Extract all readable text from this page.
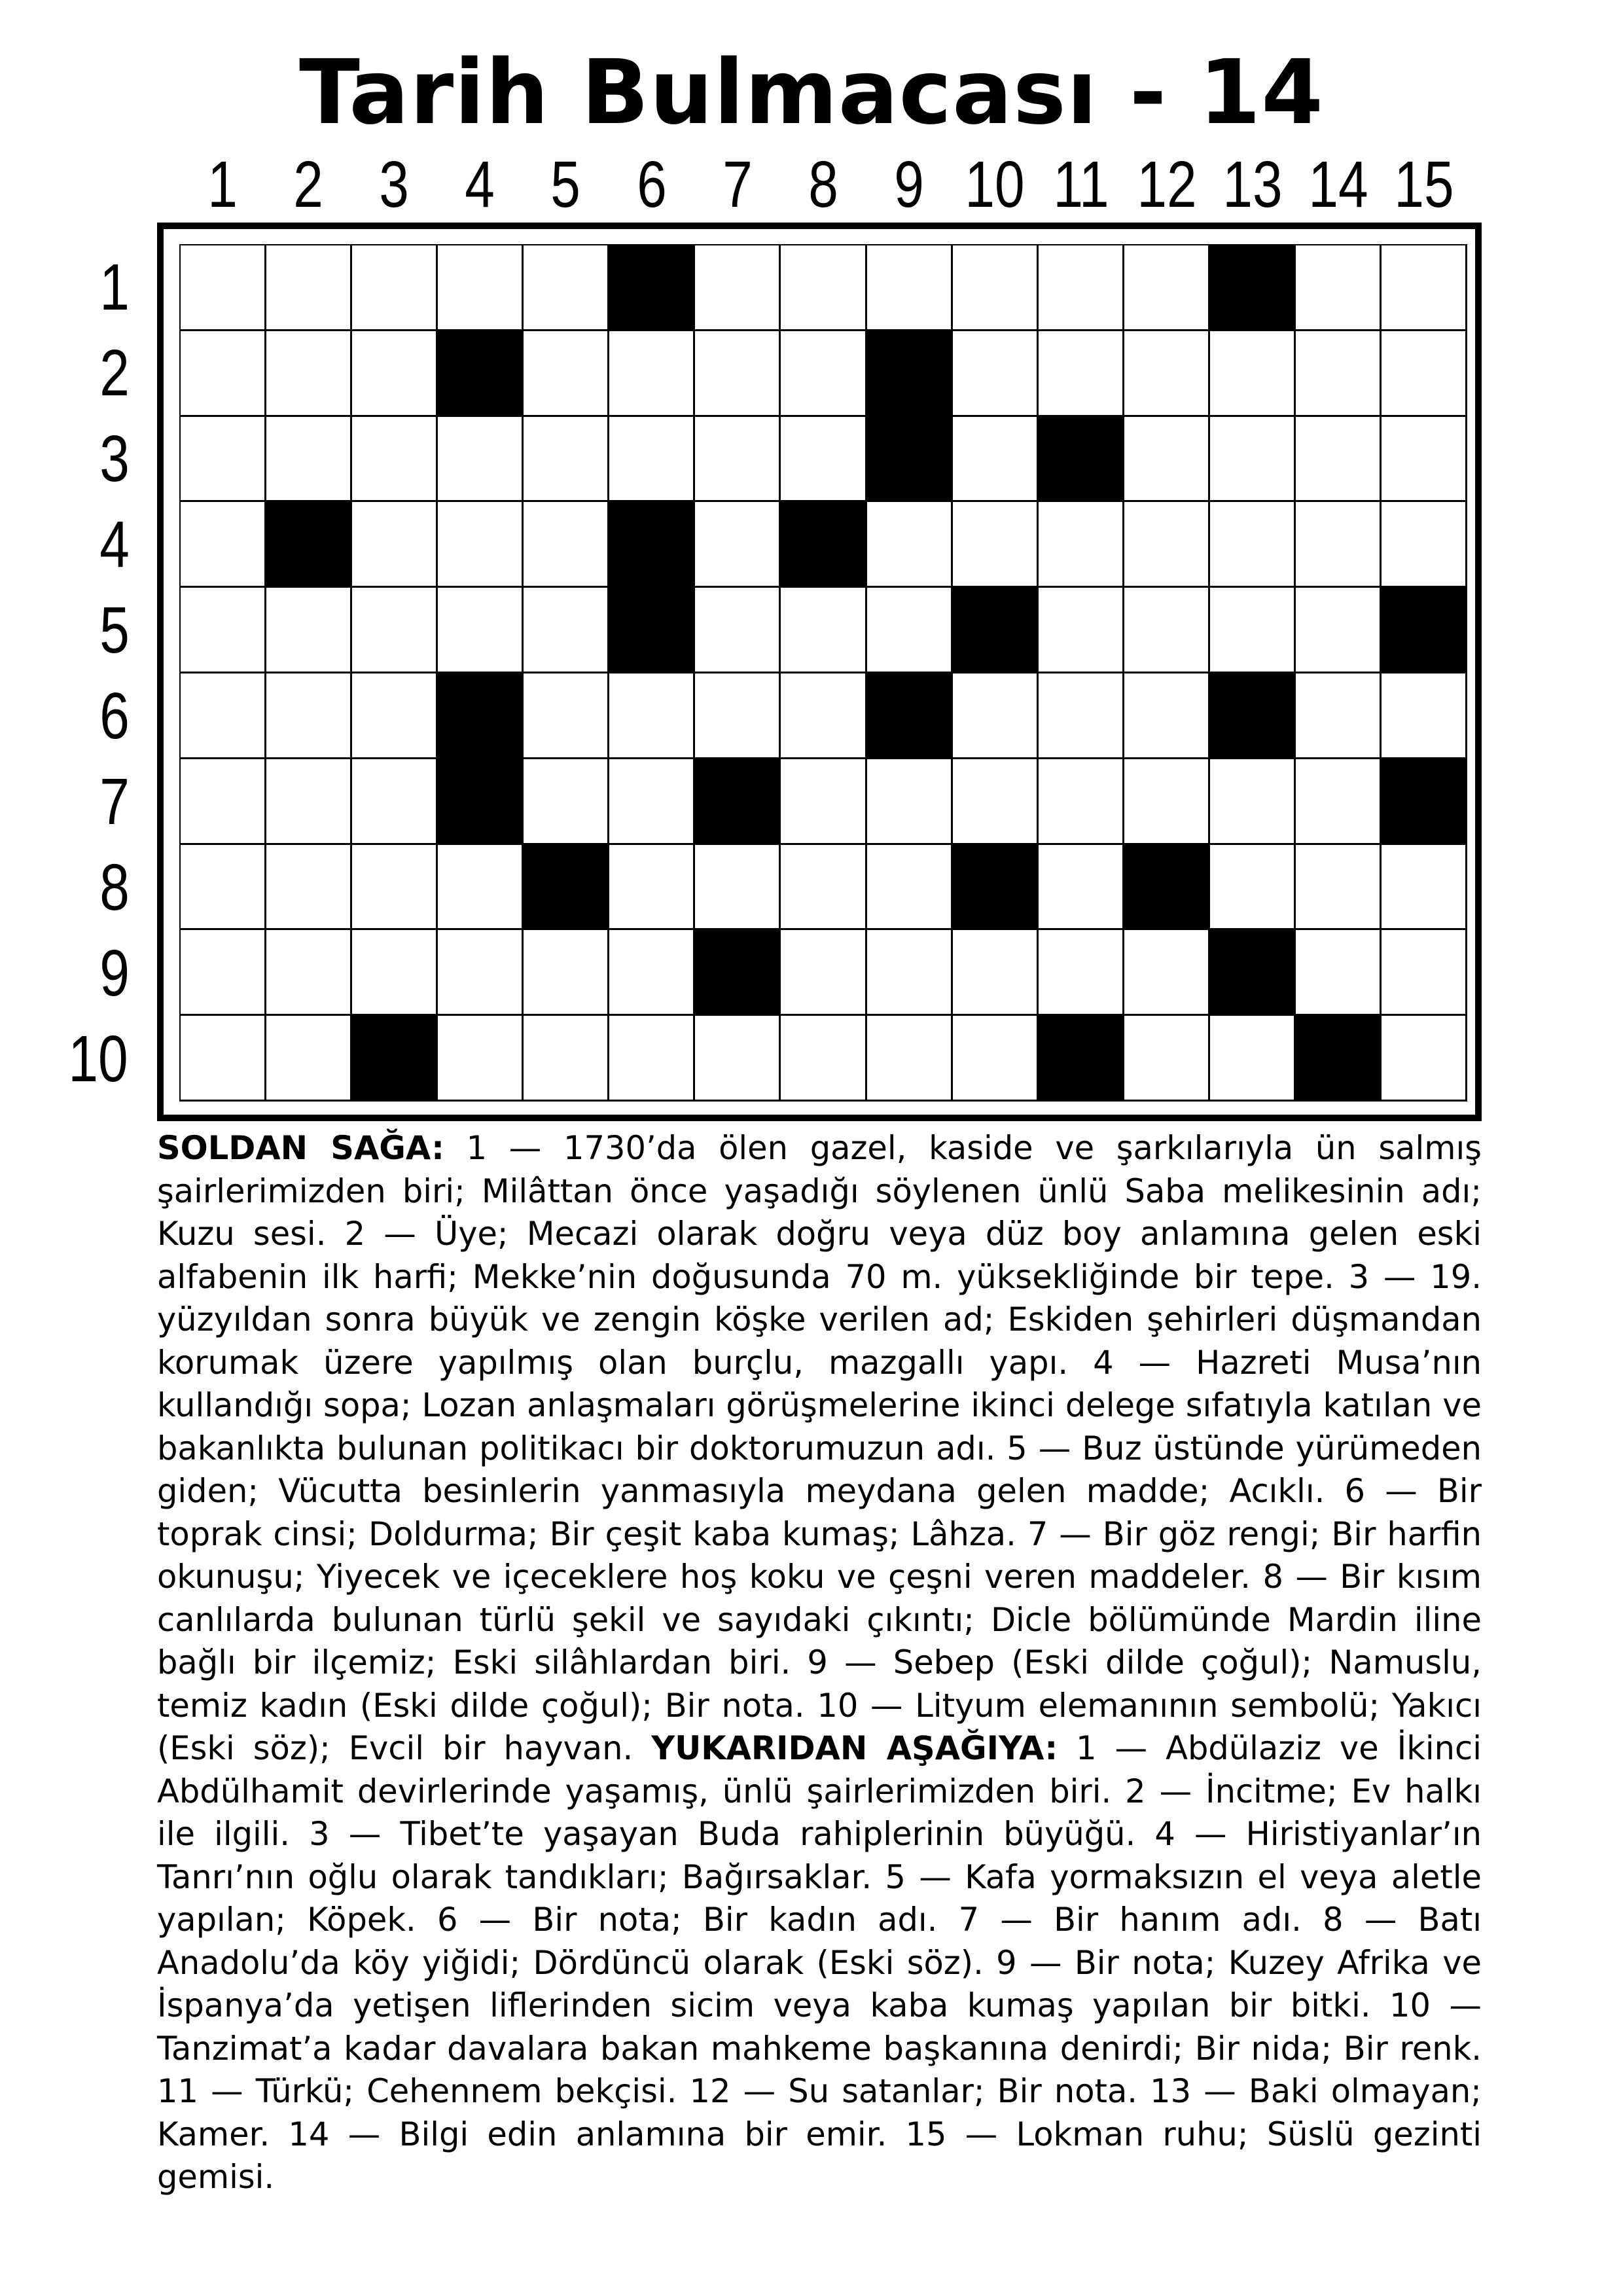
Tarih Bulmacası - 14
1 2 3 4 5 6 7 8 9 10 11 12 13 14 15
1
2
3
4
5
6
7
8
9
10

SOLDAN SAĞA: 1 — 1730’da ölen gazel, kaside ve şarkılarıyla ün salmış şairlerimizden biri; Milâttan önce yaşadığı söylenen ünlü Saba melikesinin adı; Kuzu sesi. 2 — Üye; Mecazi olarak doğru veya düz boy anlamına gelen eski alfabenin ilk harfi; Mekke’nin doğusunda 70 m. yüksekliğinde bir tepe. 3 — 19. yüzyıldan sonra büyük ve zengin köşke verilen ad; Eskiden şehirleri düşmandan korumak üzere yapılmış olan burçlu, mazgallı yapı. 4 — Hazreti Musa’nın kullandığı sopa; Lozan anlaşmaları görüşmelerine ikinci delege sıfatıyla katılan ve bakanlıkta bulunan politikacı bir doktorumuzun adı. 5 — Buz üstünde yürümeden giden; Vücutta besinlerin yanmasıyla meydana gelen madde; Acıklı. 6 — Bir toprak cinsi; Doldurma; Bir çeşit kaba kumaş; Lâhza. 7 — Bir göz rengi; Bir harfin okunuşu; Yiyecek ve içeceklere hoş koku ve çeşni veren maddeler. 8 — Bir kısım canlılarda bulunan türlü şekil ve sayıdaki çıkıntı; Dicle bölümünde Mardin iline bağlı bir ilçemiz; Eski silâhlardan biri. 9 — Sebep (Eski dilde çoğul); Namuslu, temiz kadın (Eski dilde çoğul); Bir nota. 10 — Lityum elemanının sembolü; Yakıcı (Eski söz); Evcil bir hayvan. YUKARIDAN AŞAĞIYA: 1 — Abdülaziz ve İkinci Abdülhamit devirlerinde yaşamış, ünlü şairlerimizden biri. 2 — İncitme; Ev halkı ile ilgili. 3 — Tibet’te yaşayan Buda rahiplerinin büyüğü. 4 — Hiristiyanlar’ın Tanrı’nın oğlu olarak tandıkları; Bağırsaklar. 5 — Kafa yormaksızın el veya aletle yapılan; Köpek. 6 — Bir nota; Bir kadın adı. 7 — Bir hanım adı. 8 — Batı Anadolu’da köy yiğidi; Dördüncü olarak (Eski söz). 9 — Bir nota; Kuzey Afrika ve İspanya’da yetişen liflerinden sicim veya kaba kumaş yapılan bir bitki. 10 — Tanzimat’a kadar davalara bakan mahkeme başkanına denirdi; Bir nida; Bir renk. 11 — Türkü; Cehennem bekçisi. 12 — Su satanlar; Bir nota. 13 — Baki olmayan; Kamer. 14 — Bilgi edin anlamına bir emir. 15 — Lokman ruhu; Süslü gezinti gemisi.
